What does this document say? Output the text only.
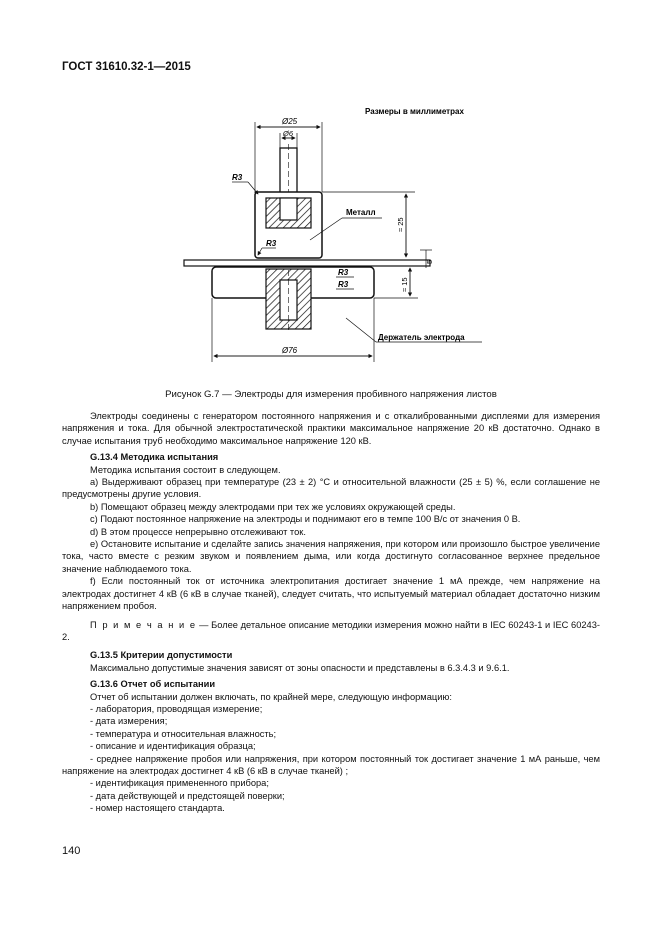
ГОСТ 31610.32-1—2015
Размеры в миллиметрах
Ø25
Ø6
R3
R3
Металл
R3
R3
≈ 25
5
≈ 15
Держатель электрода
Ø76
Рисунок G.7 — Электроды для измерения пробивного напряжения листов

Электроды соединены с генератором постоянного напряжения и с откалиброванными дисплеями для измерения напряжения и тока. Для обычной электростатической практики максимальное напряжение 20 кВ достаточно. Однако в случае испытания труб необходимо максимальное напряжение 120 кВ.

G.13.4 Методика испытания

Методика испытания состоит в следующем.

а) Выдерживают образец при температуре (23 ± 2) °С и относительной влажности (25 ± 5) %, если соглашение не предусмотрены другие условия.

b) Помещают образец между электродами при тех же условиях окружающей среды.

c) Подают постоянное напряжение на электроды и поднимают его в темпе 100 В/с от значения 0 В.

d) В этом процессе непрерывно отслеживают ток.

e) Остановите испытание и сделайте запись значения напряжения, при котором или произошло быстрое увеличение тока, часто вместе с резким звуком и появлением дыма, или когда достигнуто согласованное верхнее предельное значение наблюдаемого тока.

f) Если постоянный ток от источника электропитания достигает значение 1 мА прежде, чем напряжение на электродах достигнет 4 кВ (6 кВ в случае тканей), следует считать, что испытуемый материал обладает достаточно низким напряжением пробоя.

П р и м е ч а н и е — Более детальное описание методики измерения можно найти в IEC 60243-1 и IEC 60243-2.

G.13.5 Критерии допустимости

Максимально допустимые значения зависят от зоны опасности и представлены в 6.3.4.3 и 9.6.1.

G.13.6 Отчет об испытании

Отчет об испытании должен включать, по крайней мере, следующую информацию:

- лаборатория, проводящая измерение;

- дата измерения;

- температура и относительная влажность;

- описание и идентификация образца;

- среднее напряжение пробоя или напряжения, при котором постоянный ток достигает значение 1 мА раньше, чем напряжение на электродах достигнет 4 кВ (6 кВ в случае тканей) ;

- идентификация примененного прибора;

- дата действующей и предстоящей поверки;

- номер настоящего стандарта.

140
